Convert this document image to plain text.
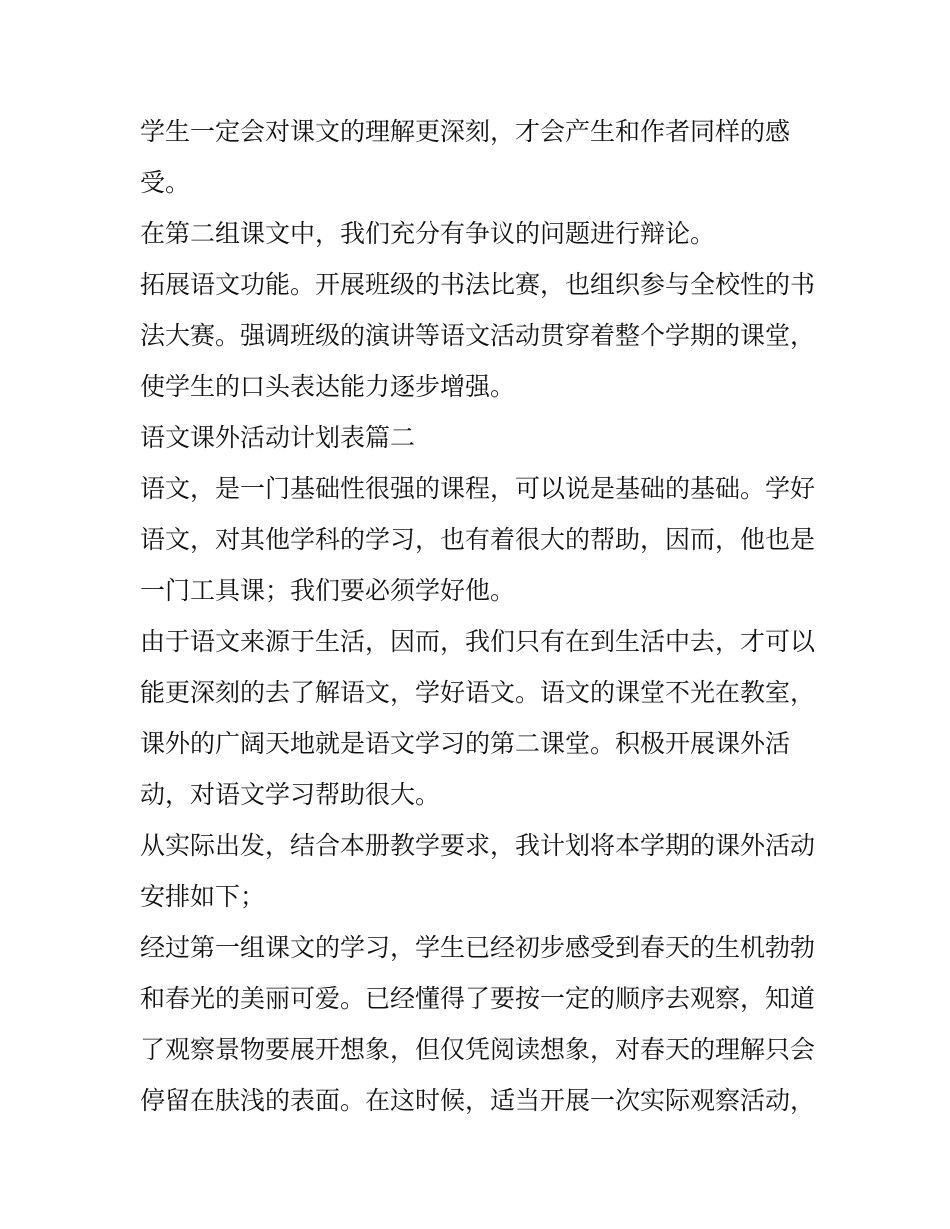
学生一定会对课文的理解更深刻，才会产生和作者同样的感
受。
在第二组课文中，我们充分有争议的问题进行辩论。
拓展语文功能。开展班级的书法比赛，也组织参与全校性的书
法大赛。强调班级的演讲等语文活动贯穿着整个学期的课堂，
使学生的口头表达能力逐步增强。
语文课外活动计划表篇二
语文，是一门基础性很强的课程，可以说是基础的基础。学好
语文，对其他学科的学习，也有着很大的帮助，因而，他也是
一门工具课；我们要必须学好他。
由于语文来源于生活，因而，我们只有在到生活中去，才可以
能更深刻的去了解语文，学好语文。语文的课堂不光在教室，
课外的广阔天地就是语文学习的第二课堂。积极开展课外活
动，对语文学习帮助很大。
从实际出发，结合本册教学要求，我计划将本学期的课外活动
安排如下；
经过第一组课文的学习，学生已经初步感受到春天的生机勃勃
和春光的美丽可爱。已经懂得了要按一定的顺序去观察，知道
了观察景物要展开想象，但仅凭阅读想象，对春天的理解只会
停留在肤浅的表面。在这时候，适当开展一次实际观察活动，
